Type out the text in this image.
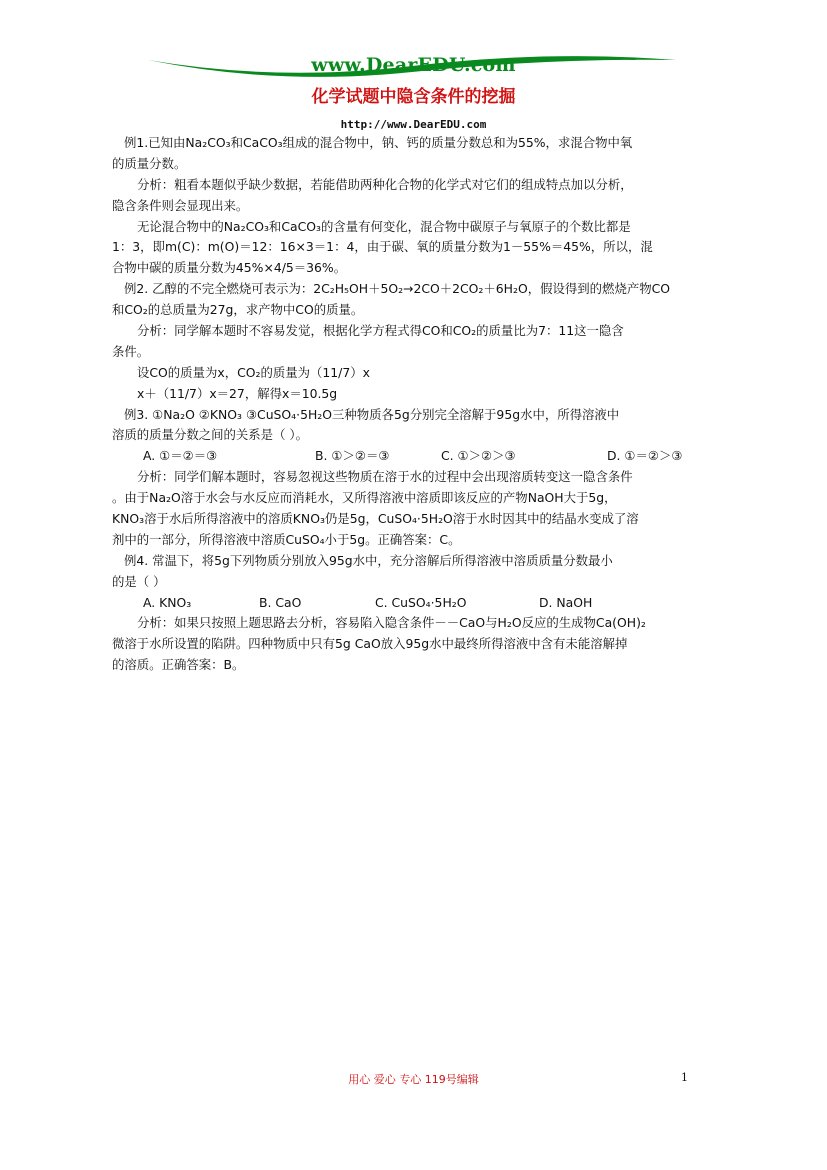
www.DearEDU.com
化学试题中隐含条件的挖掘
http://www.DearEDU.com
例1.已知由Na₂CO₃和CaCO₃组成的混合物中，钠、钙的质量分数总和为55%，求混合物中氧
的质量分数。
分析：粗看本题似乎缺少数据，若能借助两种化合物的化学式对它们的组成特点加以分析，
隐含条件则会显现出来。
无论混合物中的Na₂CO₃和CaCO₃的含量有何变化，混合物中碳原子与氧原子的个数比都是
1：3，即m(C)：m(O)＝12：16×3＝1：4，由于碳、氧的质量分数为1－55%＝45%，所以，混
合物中碳的质量分数为45%×4/5＝36%。
例2. 乙醇的不完全燃烧可表示为：2C₂H₅OH＋5O₂→2CO＋2CO₂＋6H₂O，假设得到的燃烧产物CO
和CO₂的总质量为27g，求产物中CO的质量。
分析：同学解本题时不容易发觉，根据化学方程式得CO和CO₂的质量比为7：11这一隐含
条件。
设CO的质量为x，CO₂的质量为（11/7）x
x＋（11/7）x＝27，解得x＝10.5g
例3. ①Na₂O ②KNO₃ ③CuSO₄·5H₂O三种物质各5g分别完全溶解于95g水中，所得溶液中
溶质的质量分数之间的关系是（ ）。
A. ①＝②＝③	B. ①＞②＝③	C. ①＞②＞③	D. ①＝②＞③
分析：同学们解本题时，容易忽视这些物质在溶于水的过程中会出现溶质转变这一隐含条件
。由于Na₂O溶于水会与水反应而消耗水，又所得溶液中溶质即该反应的产物NaOH大于5g，
KNO₃溶于水后所得溶液中的溶质KNO₃仍是5g，CuSO₄·5H₂O溶于水时因其中的结晶水变成了溶
剂中的一部分，所得溶液中溶质CuSO₄小于5g。正确答案：C。
例4. 常温下，将5g下列物质分别放入95g水中，充分溶解后所得溶液中溶质质量分数最小
的是（ ）
A. KNO₃	B. CaO	C. CuSO₄·5H₂O	D. NaOH
分析：如果只按照上题思路去分析，容易陷入隐含条件－－CaO与H₂O反应的生成物Ca(OH)₂
微溶于水所设置的陷阱。四种物质中只有5g CaO放入95g水中最终所得溶液中含有未能溶解掉
的溶质。正确答案：B。
用心 爱心 专心 119号编辑	1
